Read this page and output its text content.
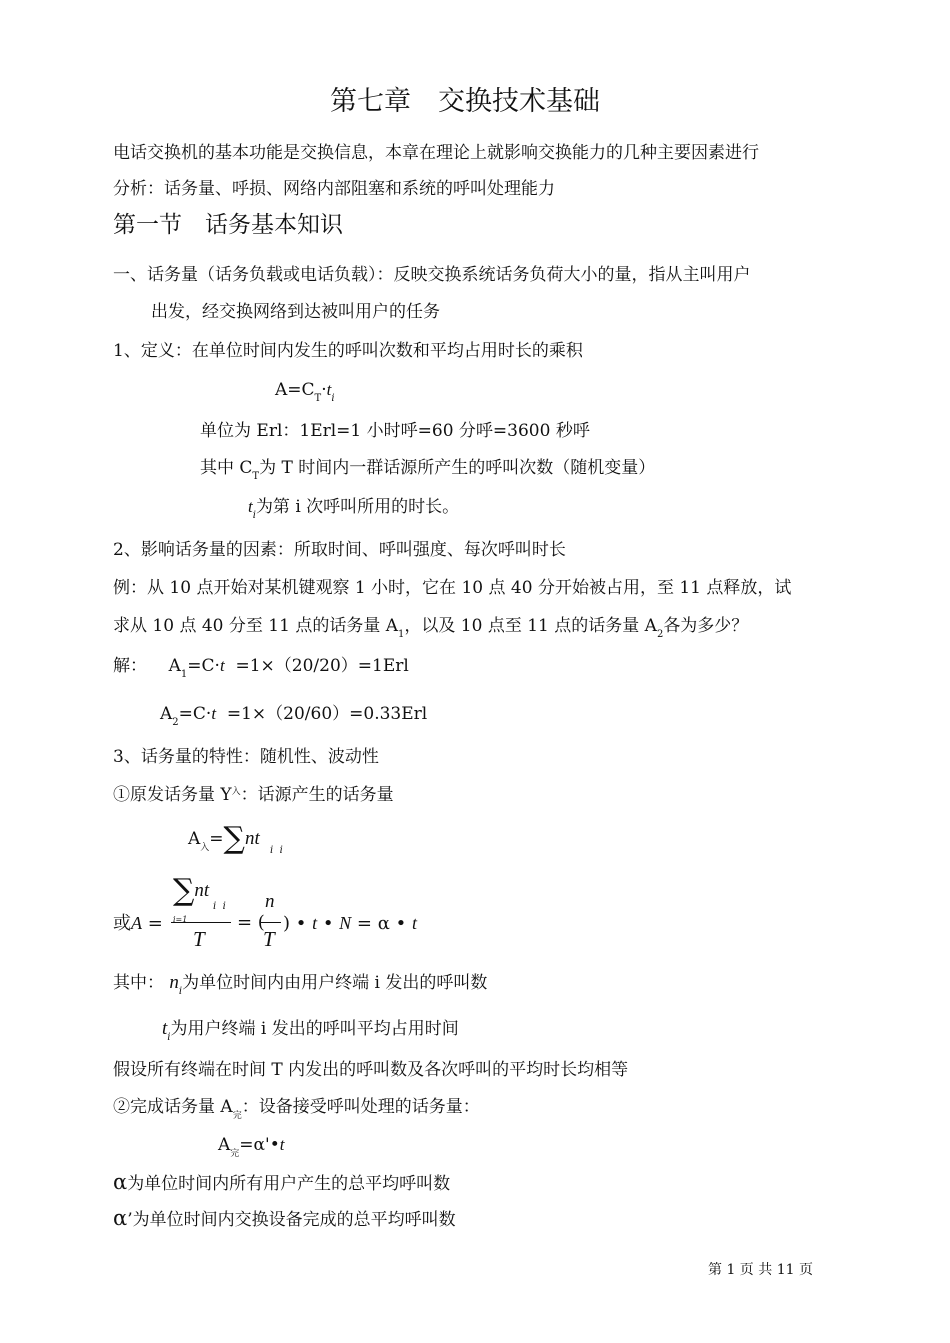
第七章　交换技术基础
电话交换机的基本功能是交换信息，本章在理论上就影响交换能力的几种主要因素进行
分析：话务量、呼损、网络内部阻塞和系统的呼叫处理能力
第一节　话务基本知识
一、话务量（话务负载或电话负载）：反映交换系统话务负荷大小的量，指从主叫用户
出发，经交换网络到达被叫用户的任务
1、定义：在单位时间内发生的呼叫次数和平均占用时长的乘积
$A=C_T\cdot t_i$
单位为 Erl：1Erl=1 小时呼=60 分呼=3600 秒呼
其中 $C_T$为 T 时间内一群话源所产生的呼叫次数（随机变量）
$t_i$为第 i 次呼叫所用的时长。
2、影响话务量的因素：所取时间、呼叫强度、每次呼叫时长
例：从 10 点开始对某机键观察 1 小时，它在 10 点 40 分开始被占用，至 11 点释放，试
求从 10 点 40 分至 11 点的话务量 $A_1$，以及 10 点至 11 点的话务量 $A_2$各为多少？
解： $A_1=C\cdot t =1\times(20/20)=1Erl$
$A_2=C\cdot t =1\times(20/60)=0.33Erl$
3、话务量的特性：随机性、波动性
①原发话务量 $Y^入$：话源产生的话务量
$A_入=\sum nt$
i i
∑nt
i i
i=1
T
或A =	= (
n
T
) • t • N = α • t
其中： $n_i$为单位时间内由用户终端 i 发出的呼叫数
$t_i$为用户终端 i 发出的呼叫平均占用时间
假设所有终端在时间 T 内发出的呼叫数及各次呼叫的平均时长均相等
②完成话务量 $A_完$：设备接受呼叫处理的话务量：
$A_完=\alpha'•t$
α为单位时间内所有用户产生的总平均呼叫数
α’为单位时间内交换设备完成的总平均呼叫数
第 1 页 共 11 页
